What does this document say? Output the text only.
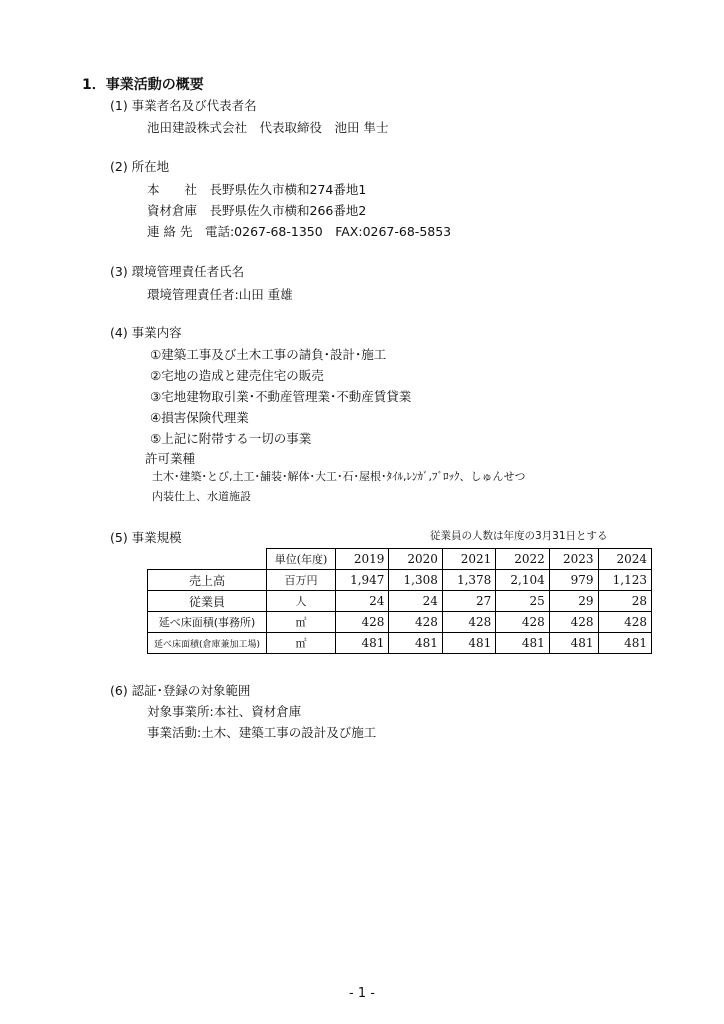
1．事業活動の概要
(1) 事業者名及び代表者名
池田建設株式会社　代表取締役　池田 隼士
(2) 所在地
本　　社　長野県佐久市横和274番地1
資材倉庫　長野県佐久市横和266番地2
連 絡 先　電話:0267-68-1350　FAX:0267-68-5853
(3) 環境管理責任者氏名
環境管理責任者:山田 重雄
(4) 事業内容
①建築工事及び土木工事の請負･設計･施工
②宅地の造成と建売住宅の販売
③宅地建物取引業･不動産管理業･不動産賃貸業
④損害保険代理業
⑤上記に附帯する一切の事業
許可業種
土木･建築･とび,土工･舗装･解体･大工･石･屋根･ﾀｲﾙ,ﾚﾝｶﾞ,ﾌﾞﾛｯｸ、しゅんせつ
内装仕上、水道施設
(5) 事業規模	従業員の人数は年度の3月31日とする
	単位(年度)	2019	2020	2021	2022	2023	2024
売上高	百万円	1,947	1,308	1,378	2,104	979	1,123
従業員	人	24	24	27	25	29	28
延べ床面積(事務所)	㎡	428	428	428	428	428	428
延べ床面積(倉庫兼加工場)	㎡	481	481	481	481	481	481
(6) 認証･登録の対象範囲
対象事業所:本社、資材倉庫
事業活動:土木、建築工事の設計及び施工
- 1 -
